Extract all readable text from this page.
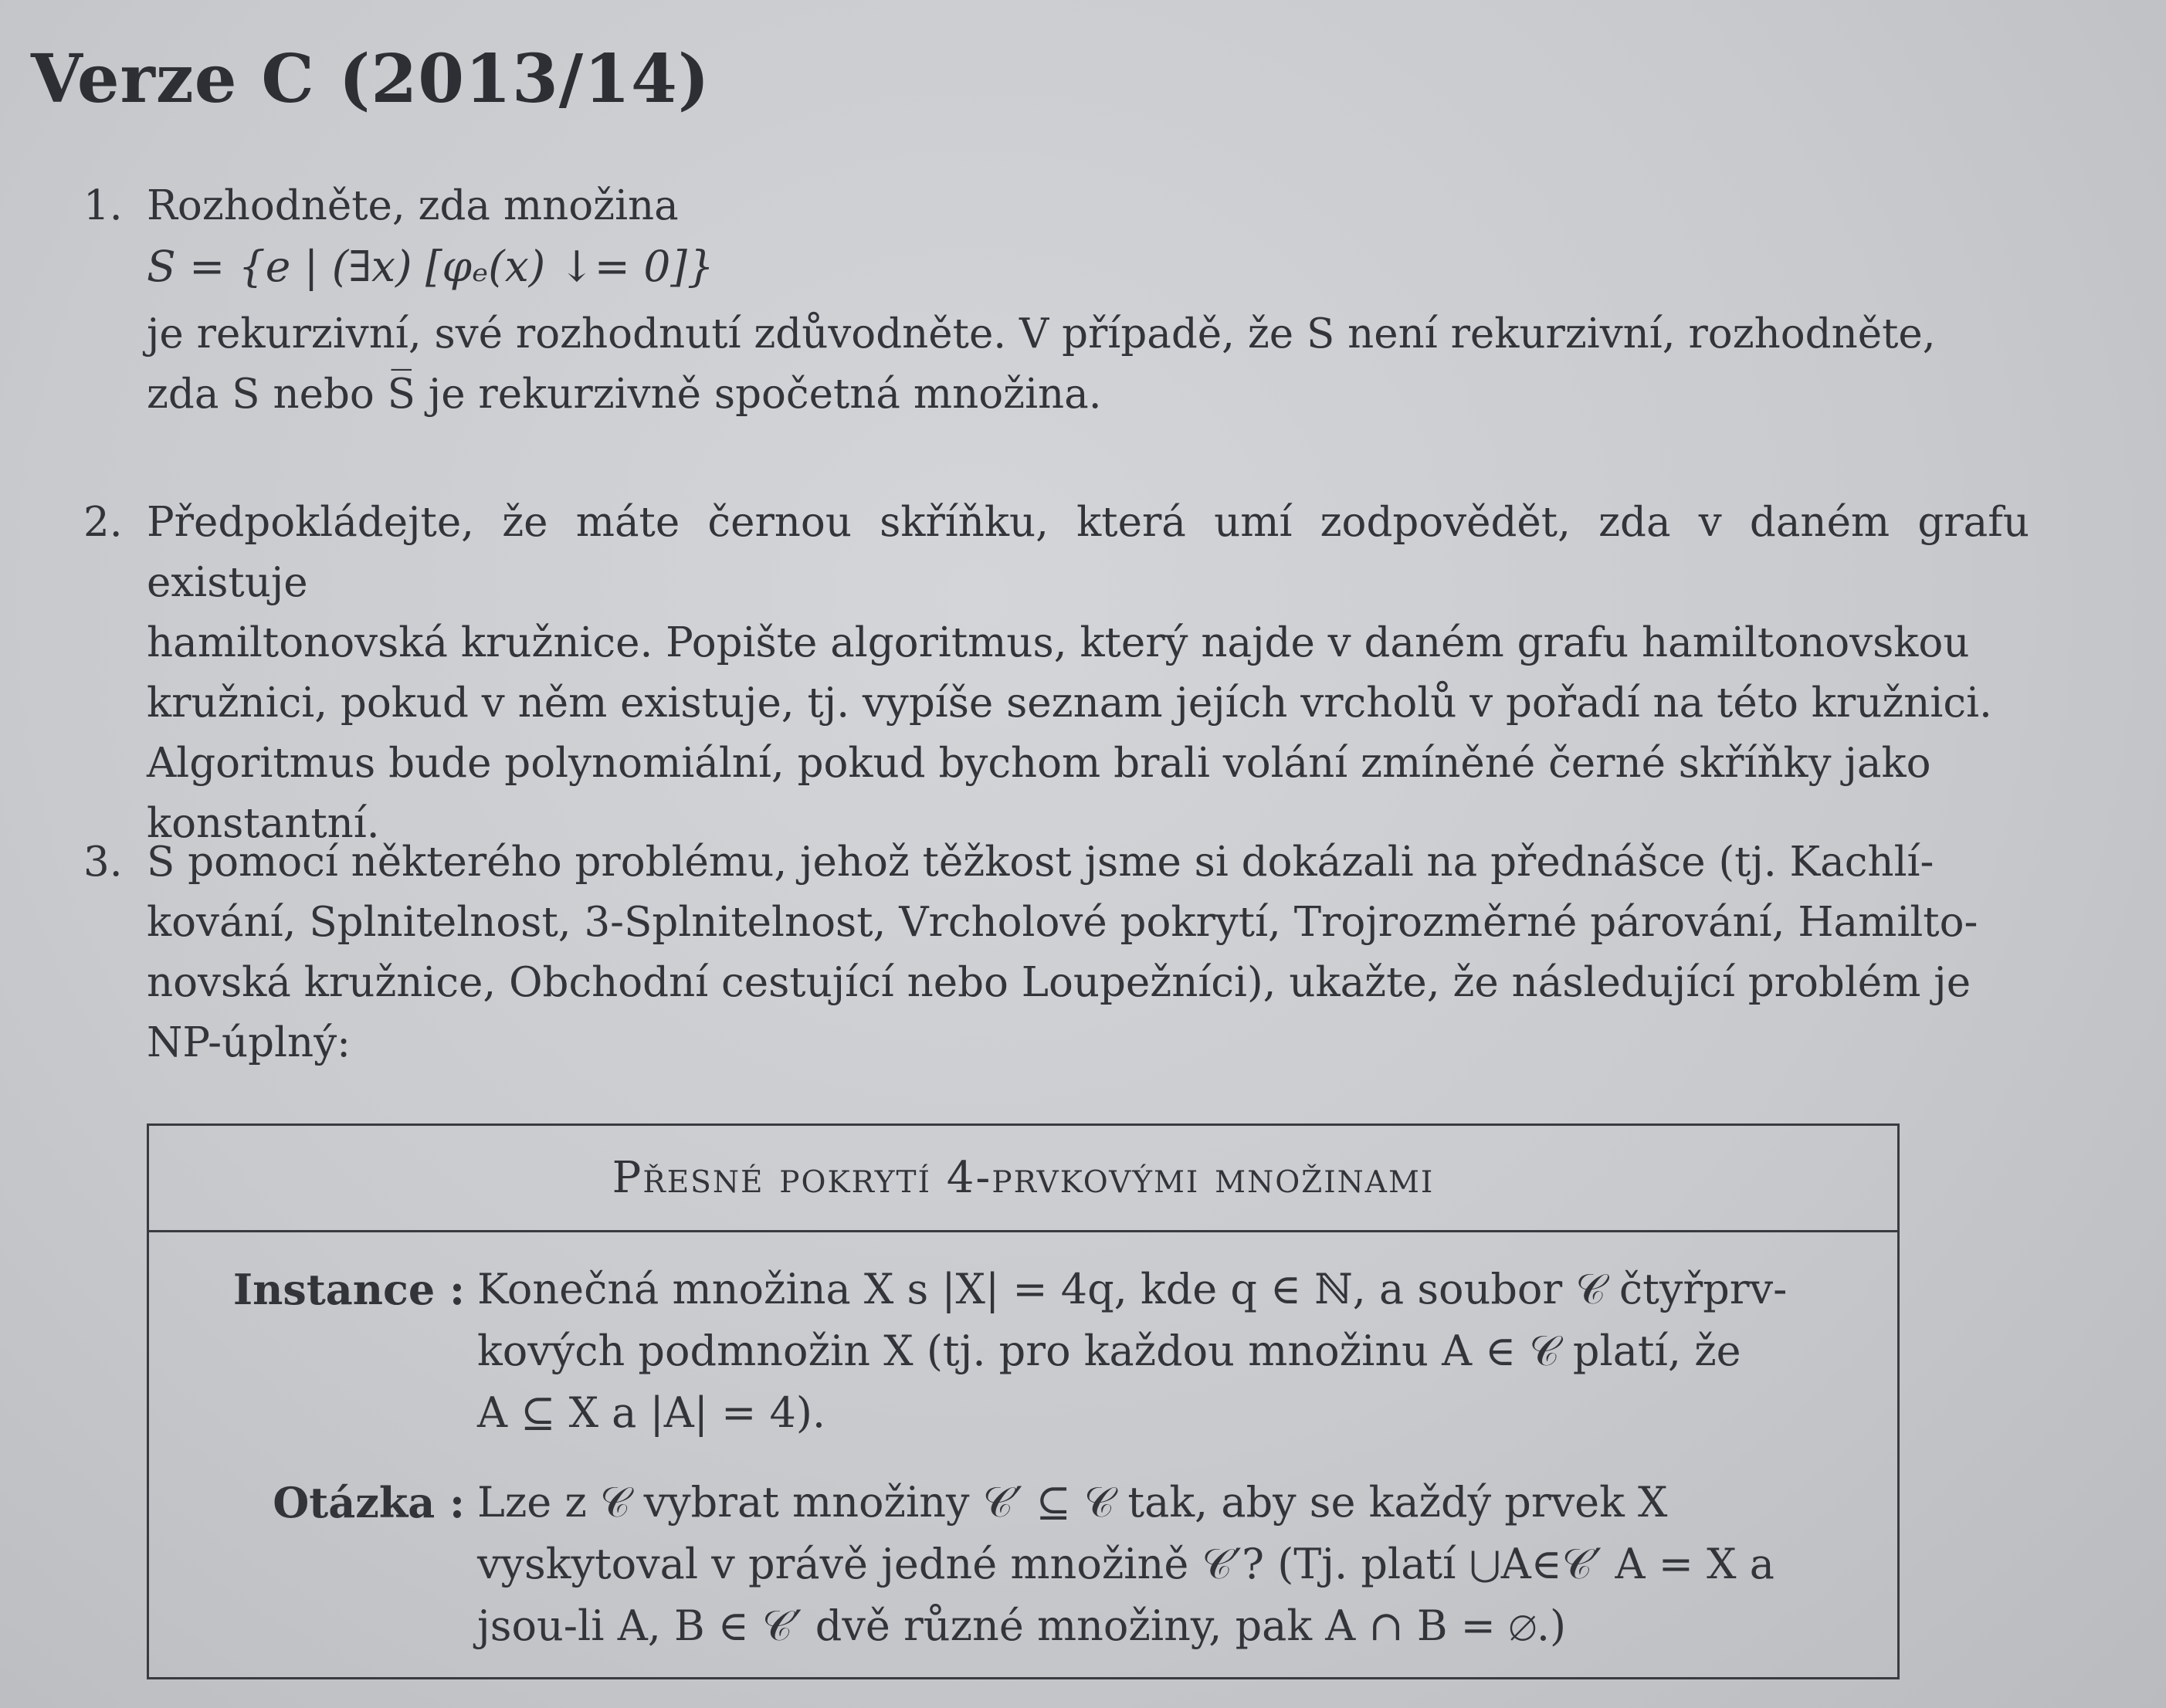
Verze C (2013/14)
1. Rozhodněte, zda množina

S = {e | (∃x) [φₑ(x) ↓= 0]}

je rekurzivní, své rozhodnutí zdůvodněte. V případě, že S není rekurzivní, rozhodněte,

zda S nebo S̅ je rekurzivně spočetná množina.

2. Předpokládejte, že máte černou skříňku, která umí zodpovědět, zda v daném grafu existuje

hamiltonovská kružnice. Popište algoritmus, který najde v daném grafu hamiltonovskou

kružnici, pokud v něm existuje, tj. vypíše seznam jejích vrcholů v pořadí na této kružnici.

Algoritmus bude polynomiální, pokud bychom brali volání zmíněné černé skříňky jako

konstantní.

3. S pomocí některého problému, jehož těžkost jsme si dokázali na přednášce (tj. Kachlí-

kování, Splnitelnost, 3-Splnitelnost, Vrcholové pokrytí, Trojrozměrné párování, Hamilto-

novská kružnice, Obchodní cestující nebo Loupežníci), ukažte, že následující problém je

NP-úplný:

Přesné pokrytí 4-prvkovými množinami
Instance : Konečná množina X s |X| = 4q, kde q ∈ ℕ, a soubor 𝒞 čtyřprv-

kových podmnožin X (tj. pro každou množinu A ∈ 𝒞 platí, že

A ⊆ X a |A| = 4).

Otázka : Lze z 𝒞 vybrat množiny 𝒞′ ⊆ 𝒞 tak, aby se každý prvek X

vyskytoval v právě jedné množině 𝒞′? (Tj. platí ⋃A∈𝒞′ A = X a

jsou-li A, B ∈ 𝒞′ dvě různé množiny, pak A ∩ B = ∅.)
